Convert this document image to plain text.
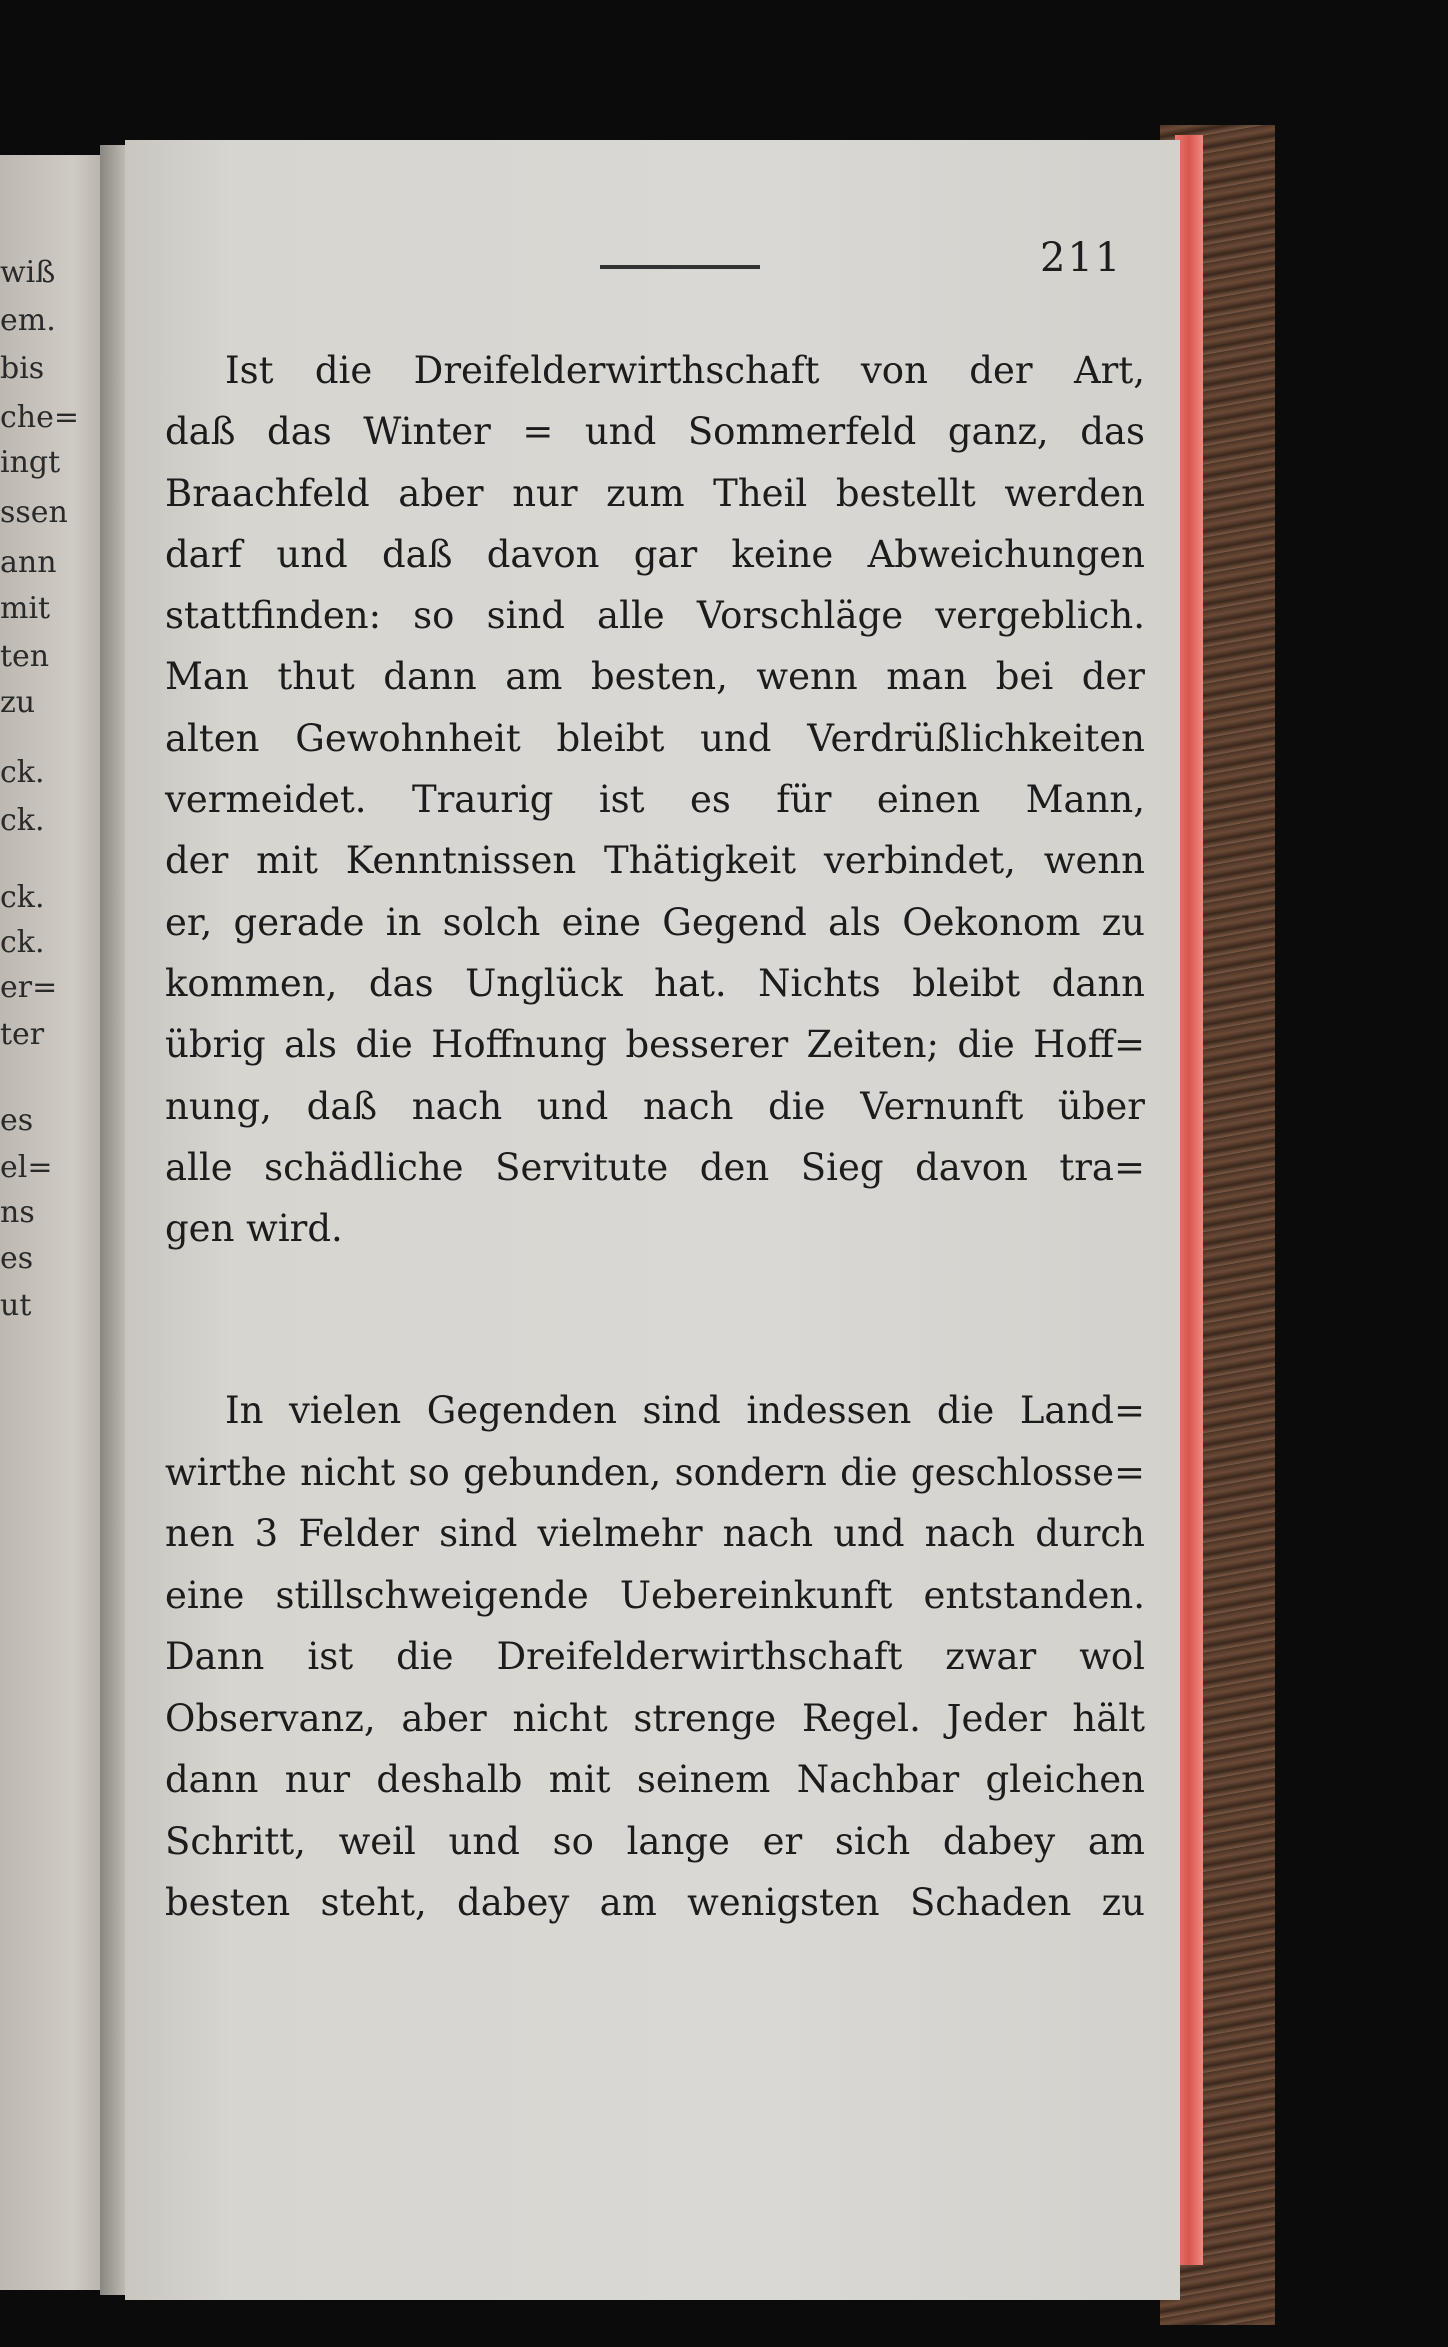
wiß
em.
bis
che=
ingt
ssen
ann
mit
ten
zu
ck.
ck.
ck.
ck.
er=
ter
es
el=
ns
es
ut
211
Ist die Dreifelderwirthschaft von der Art,
daß das Winter = und Sommerfeld ganz, das
Braachfeld aber nur zum Theil bestellt werden
darf und daß davon gar keine Abweichungen
stattfinden: so sind alle Vorschläge vergeblich.
Man thut dann am besten, wenn man bei der
alten Gewohnheit bleibt und Verdrüßlichkeiten
vermeidet. Traurig ist es für einen Mann,
der mit Kenntnissen Thätigkeit verbindet, wenn
er, gerade in solch eine Gegend als Oekonom zu
kommen, das Unglück hat. Nichts bleibt dann
übrig als die Hoffnung besserer Zeiten; die Hoff=
nung, daß nach und nach die Vernunft über
alle schädliche Servitute den Sieg davon tra=
gen wird.
In vielen Gegenden sind indessen die Land=
wirthe nicht so gebunden, sondern die geschlosse=
nen 3 Felder sind vielmehr nach und nach durch
eine stillschweigende Uebereinkunft entstanden.
Dann ist die Dreifelderwirthschaft zwar wol
Observanz, aber nicht strenge Regel. Jeder hält
dann nur deshalb mit seinem Nachbar gleichen
Schritt, weil und so lange er sich dabey am
besten steht, dabey am wenigsten Schaden zu
